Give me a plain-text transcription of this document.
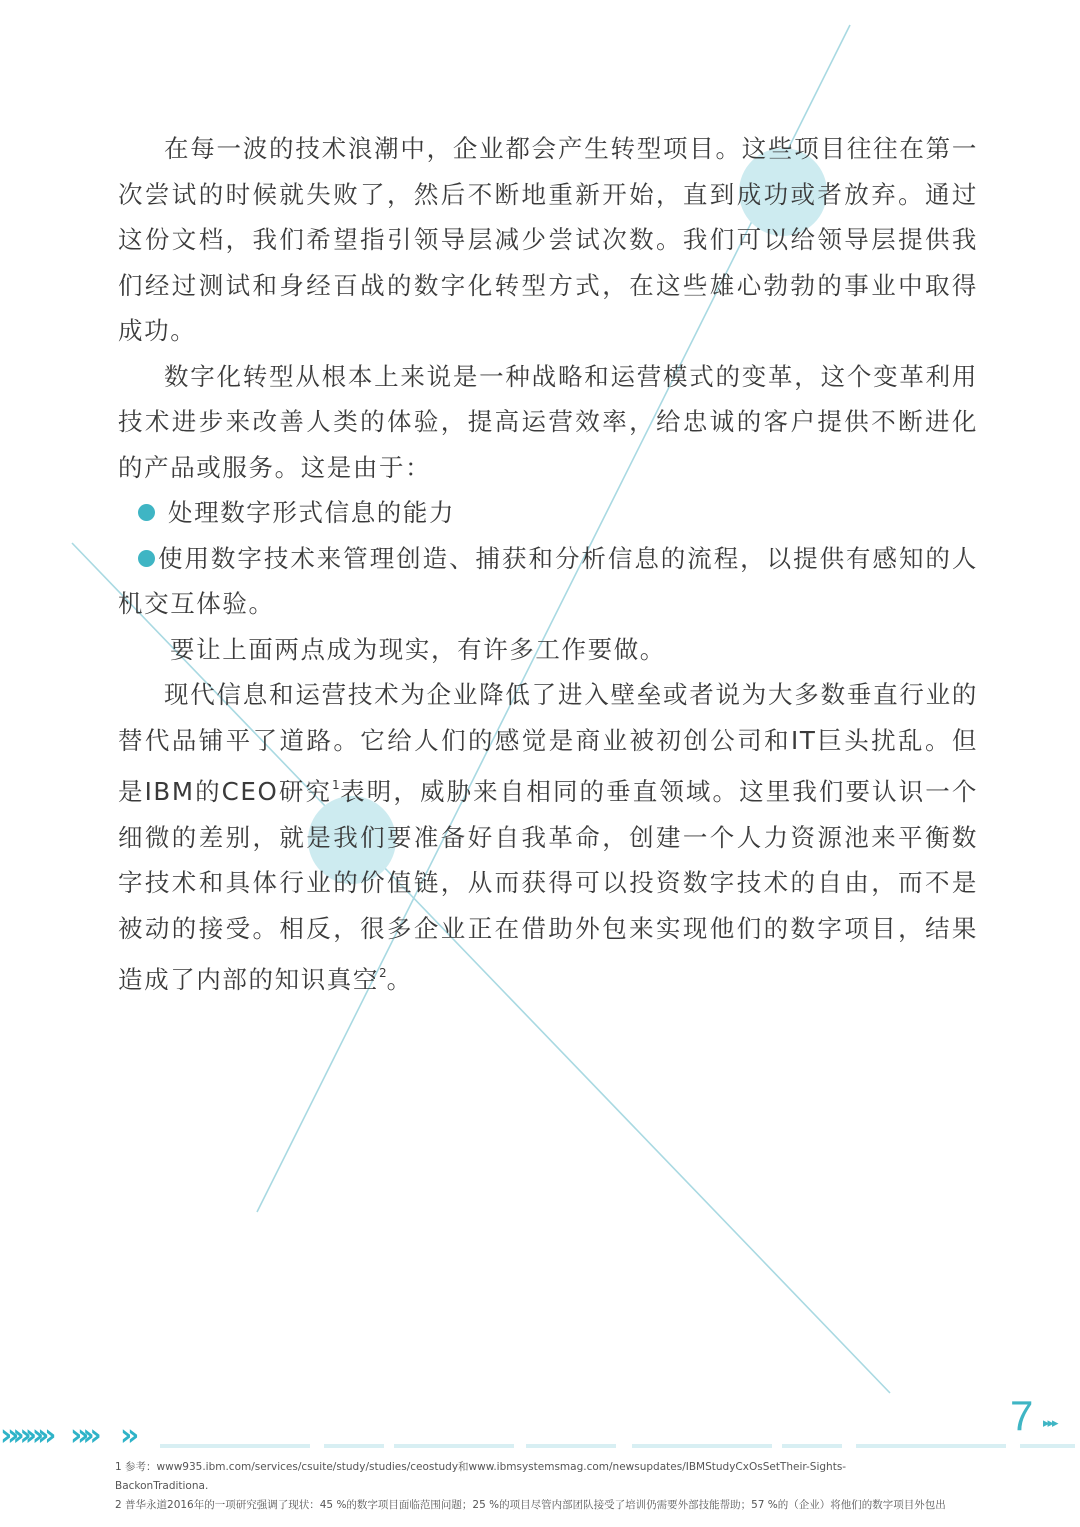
在每一波的技术浪潮中，企业都会产生转型项目。这些项目往往在第一次尝试的时候就失败了，然后不断地重新开始，直到成功或者放弃。通过这份文档，我们希望指引领导层减少尝试次数。我们可以给领导层提供我们经过测试和身经百战的数字化转型方式，在这些雄心勃勃的事业中取得成功。

数字化转型从根本上来说是一种战略和运营模式的变革，这个变革利用技术进步来改善人类的体验，提高运营效率，给忠诚的客户提供不断进化的产品或服务。这是由于：

处理数字形式信息的能力

使用数字技术来管理创造、捕获和分析信息的流程，以提供有感知的人机交互体验。

要让上面两点成为现实，有许多工作要做。

现代信息和运营技术为企业降低了进入壁垒或者说为大多数垂直行业的替代品铺平了道路。它给人们的感觉是商业被初创公司和IT巨头扰乱。但是IBM的CEO研究$^1$表明，威胁来自相同的垂直领域。这里我们要认识一个细微的差别，就是我们要准备好自我革命，创建一个人力资源池来平衡数字技术和具体行业的价值链，从而获得可以投资数字技术的自由，而不是被动的接受。相反，很多企业正在借助外包来实现他们的数字项目，结果造成了内部的知识真空$^2$。

»»»» »» »	7 ▸▸▸

1 参考：www935.ibm.com/services/csuite/study/studies/ceostudy和www.ibmsystemsmag.com/newsupdates/IBMStudyCxOsSetTheir-Sights-

BackonTraditiona.

2 普华永道2016年的一项研究强调了现状：45 %的数字项目面临范围问题；25 %的项目尽管内部团队接受了培训仍需要外部技能帮助；57 %的（企业）将他们的数字项目外包出
